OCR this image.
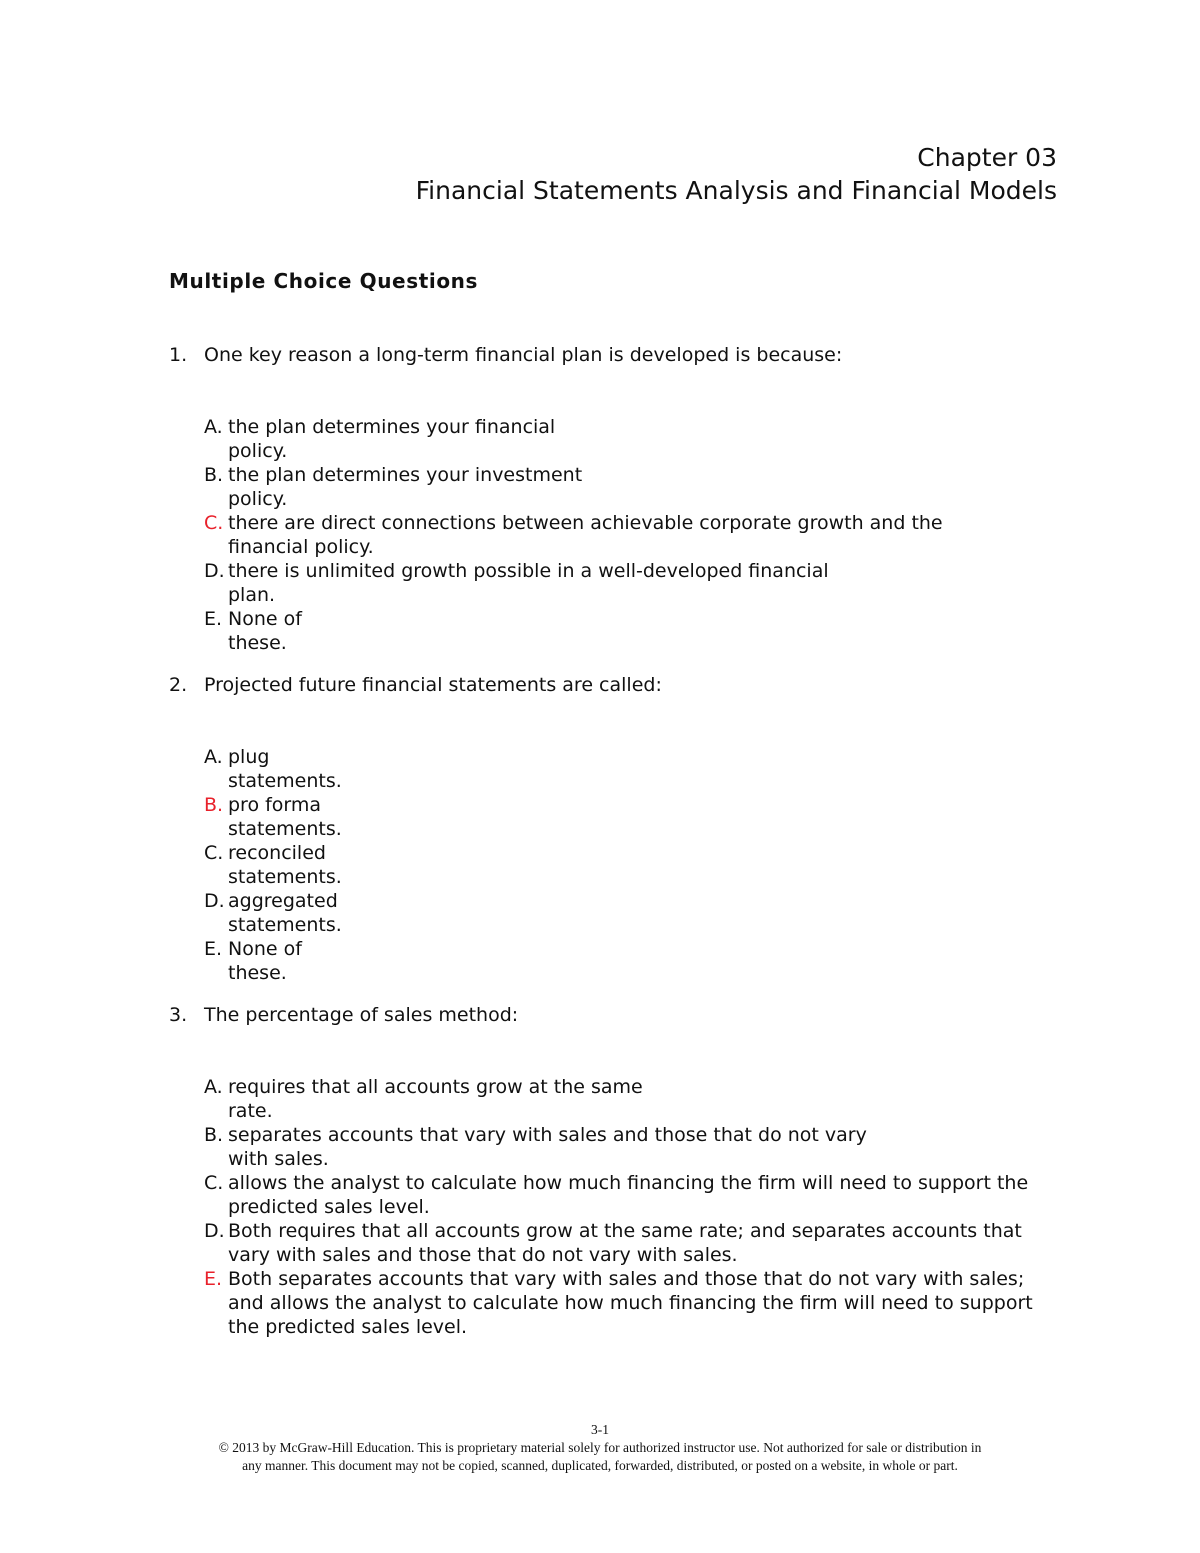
Chapter 03
Financial Statements Analysis and Financial Models
Multiple Choice Questions
1. One key reason a long-term financial plan is developed is because:
A. the plan determines your financial
policy.
B. the plan determines your investment
policy.
C. there are direct connections between achievable corporate growth and the
financial policy.
D. there is unlimited growth possible in a well-developed financial
plan.
E. None of
these.
2. Projected future financial statements are called:
A. plug
statements.
B. pro forma
statements.
C. reconciled
statements.
D. aggregated
statements.
E. None of
these.
3. The percentage of sales method:
A. requires that all accounts grow at the same
rate.
B. separates accounts that vary with sales and those that do not vary
with sales.
C. allows the analyst to calculate how much financing the firm will need to support the
predicted sales level.
D. Both requires that all accounts grow at the same rate; and separates accounts that
vary with sales and those that do not vary with sales.
E. Both separates accounts that vary with sales and those that do not vary with sales;
and allows the analyst to calculate how much financing the firm will need to support
the predicted sales level.
3-1
© 2013 by McGraw-Hill Education. This is proprietary material solely for authorized instructor use. Not authorized for sale or distribution in
any manner. This document may not be copied, scanned, duplicated, forwarded, distributed, or posted on a website, in whole or part.
